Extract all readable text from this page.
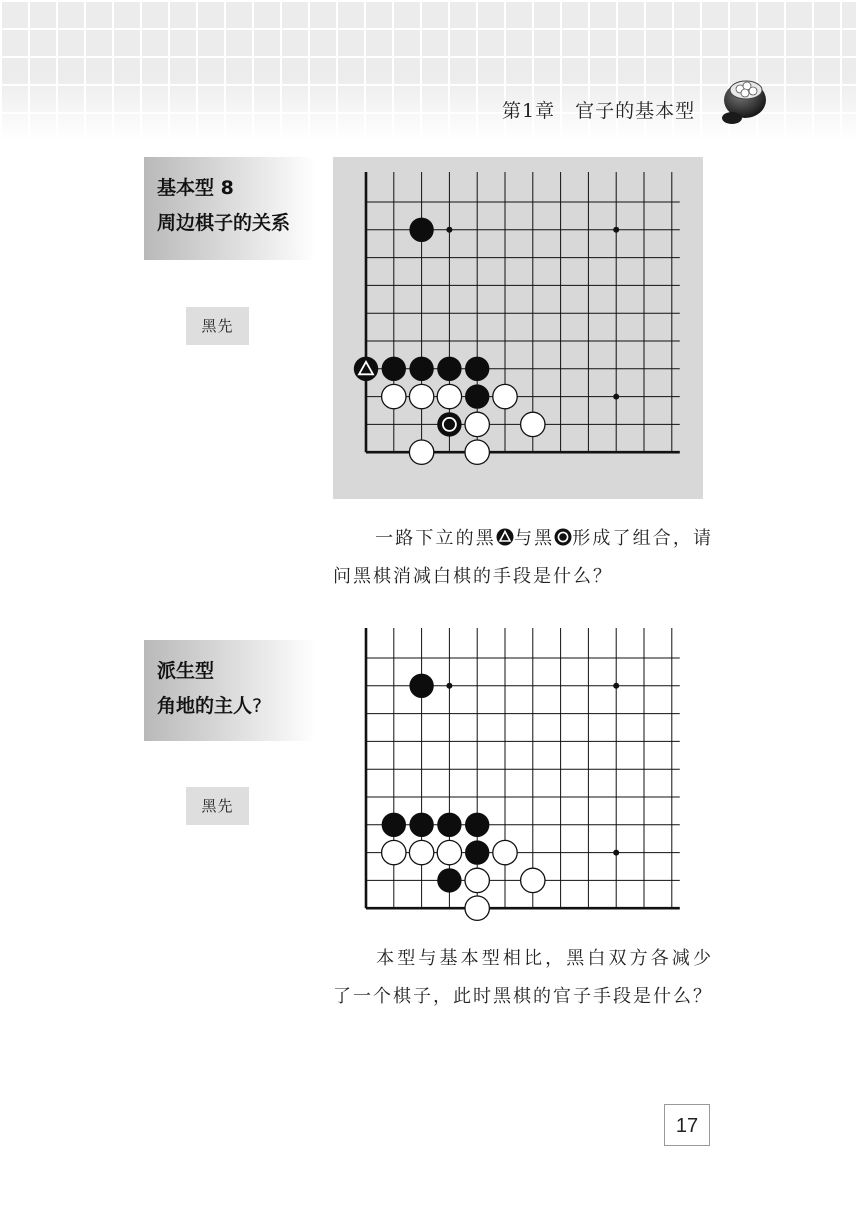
第1章　官子的基本型
基本型 8
周边棋子的关系
黑先
一路下立的黑 与黑 形成了组合，请问黑棋消减白棋的手段是什么？
派生型
角地的主人?
黑先
本型与基本型相比，黑白双方各减少了一个棋子，此时黑棋的官子手段是什么？
17
